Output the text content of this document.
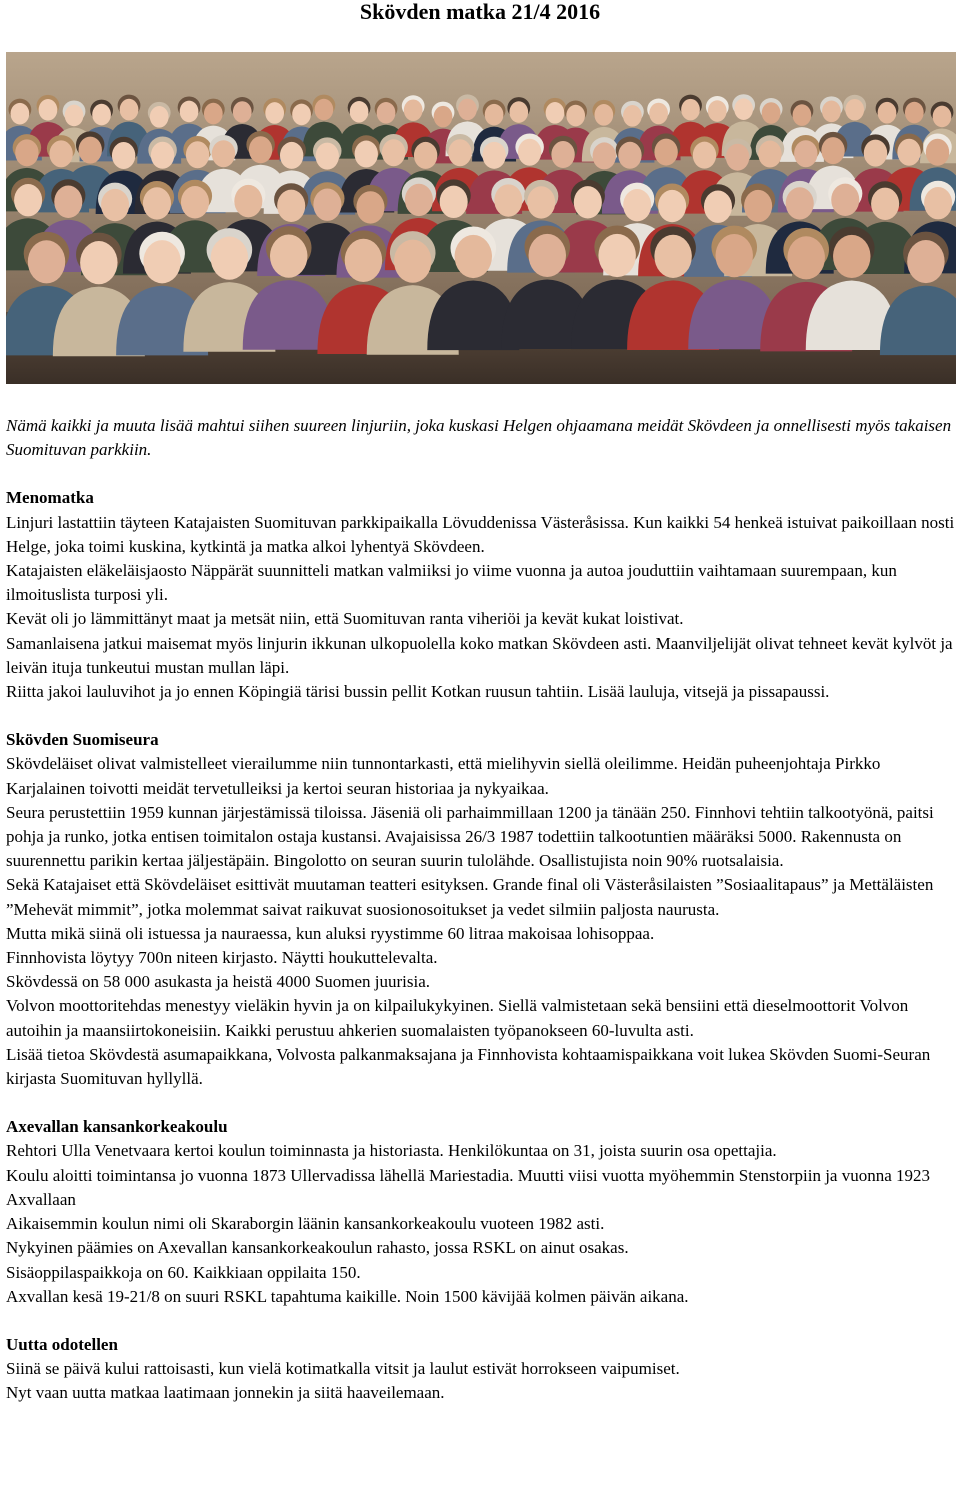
Skövden matka 21/4 2016

Nämä kaikki ja muuta lisää mahtui siihen suureen linjuriin, joka kuskasi Helgen ohjaamana meidät Skövdeen ja onnellisesti myös takaisen Suomituvan parkkiin.

Menomatka

Linjuri lastattiin täyteen Katajaisten Suomituvan parkkipaikalla Lövuddenissa Västeråsissa. Kun kaikki 54 henkeä istuivat paikoillaan nosti Helge, joka toimi kuskina, kytkintä ja matka alkoi lyhentyä Skövdeen.

Katajaisten eläkeläisjaosto Näppärät suunnitteli matkan valmiiksi jo viime vuonna ja autoa jouduttiin vaihtamaan suurempaan, kun ilmoituslista turposi yli.

Kevät oli jo lämmittänyt maat ja metsät niin, että Suomituvan ranta viheriöi ja kevät kukat loistivat.

Samanlaisena jatkui maisemat myös linjurin ikkunan ulkopuolella koko matkan Skövdeen asti. Maanviljelijät olivat tehneet kevät kylvöt ja leivän ituja tunkeutui mustan mullan läpi.

Riitta jakoi lauluvihot ja jo ennen Köpingiä tärisi bussin pellit Kotkan ruusun tahtiin. Lisää lauluja, vitsejä ja pissapaussi.

Skövden Suomiseura

Skövdeläiset olivat valmistelleet vierailumme niin tunnontarkasti, että mielihyvin siellä oleilimme. Heidän puheenjohtaja Pirkko Karjalainen toivotti meidät tervetulleiksi ja kertoi seuran historiaa ja nykyaikaa.

Seura perustettiin 1959 kunnan järjestämissä tiloissa. Jäseniä oli parhaimmillaan 1200 ja tänään 250. Finnhovi tehtiin talkootyönä, paitsi pohja ja runko, jotka entisen toimitalon ostaja kustansi. Avajaisissa 26/3 1987 todettiin talkootuntien määräksi 5000. Rakennusta on suurennettu parikin kertaa jäljestäpäin. Bingolotto on seuran suurin tulolähde. Osallistujista noin 90% ruotsalaisia.

Sekä Katajaiset että Skövdeläiset esittivät muutaman teatteri esityksen. Grande final oli Västeråsilaisten ”Sosiaalitapaus” ja Mettäläisten ”Mehevät mimmit”, jotka molemmat saivat raikuvat suosionosoitukset ja vedet silmiin paljosta naurusta.

Mutta mikä siinä oli istuessa ja nauraessa, kun aluksi ryystimme 60 litraa makoisaa lohisoppaa.

Finnhovista löytyy 700n niteen kirjasto. Näytti houkuttelevalta.

Skövdessä on 58 000 asukasta ja heistä 4000 Suomen juurisia.

Volvon moottoritehdas menestyy vieläkin hyvin ja on kilpailukykyinen. Siellä valmistetaan sekä bensiini että dieselmoottorit Volvon autoihin ja maansiirtokoneisiin. Kaikki perustuu ahkerien suomalaisten työpanokseen 60-luvulta asti.

Lisää tietoa Skövdestä asumapaikkana, Volvosta palkanmaksajana ja Finnhovista kohtaamispaikkana voit lukea Skövden Suomi-Seuran kirjasta Suomituvan hyllyllä.

Axevallan kansankorkeakoulu

Rehtori Ulla Venetvaara kertoi koulun toiminnasta ja historiasta. Henkilökuntaa on 31, joista suurin osa opettajia.

Koulu aloitti toimintansa jo vuonna 1873 Ullervadissa lähellä Mariestadia. Muutti viisi vuotta myöhemmin Stenstorpiin ja vuonna 1923 Axvallaan

Aikaisemmin koulun nimi oli Skaraborgin läänin kansankorkeakoulu vuoteen 1982 asti.

Nykyinen päämies on Axevallan kansankorkeakoulun rahasto, jossa RSKL on ainut osakas.

Sisäoppilaspaikkoja on 60. Kaikkiaan oppilaita 150.

Axvallan kesä 19-21/8 on suuri RSKL tapahtuma kaikille. Noin 1500 kävijää kolmen päivän aikana.

Uutta odotellen

Siinä se päivä kului rattoisasti, kun vielä kotimatkalla vitsit ja laulut estivät horrokseen vaipumiset.

Nyt vaan uutta matkaa laatimaan jonnekin ja siitä haaveilemaan.
